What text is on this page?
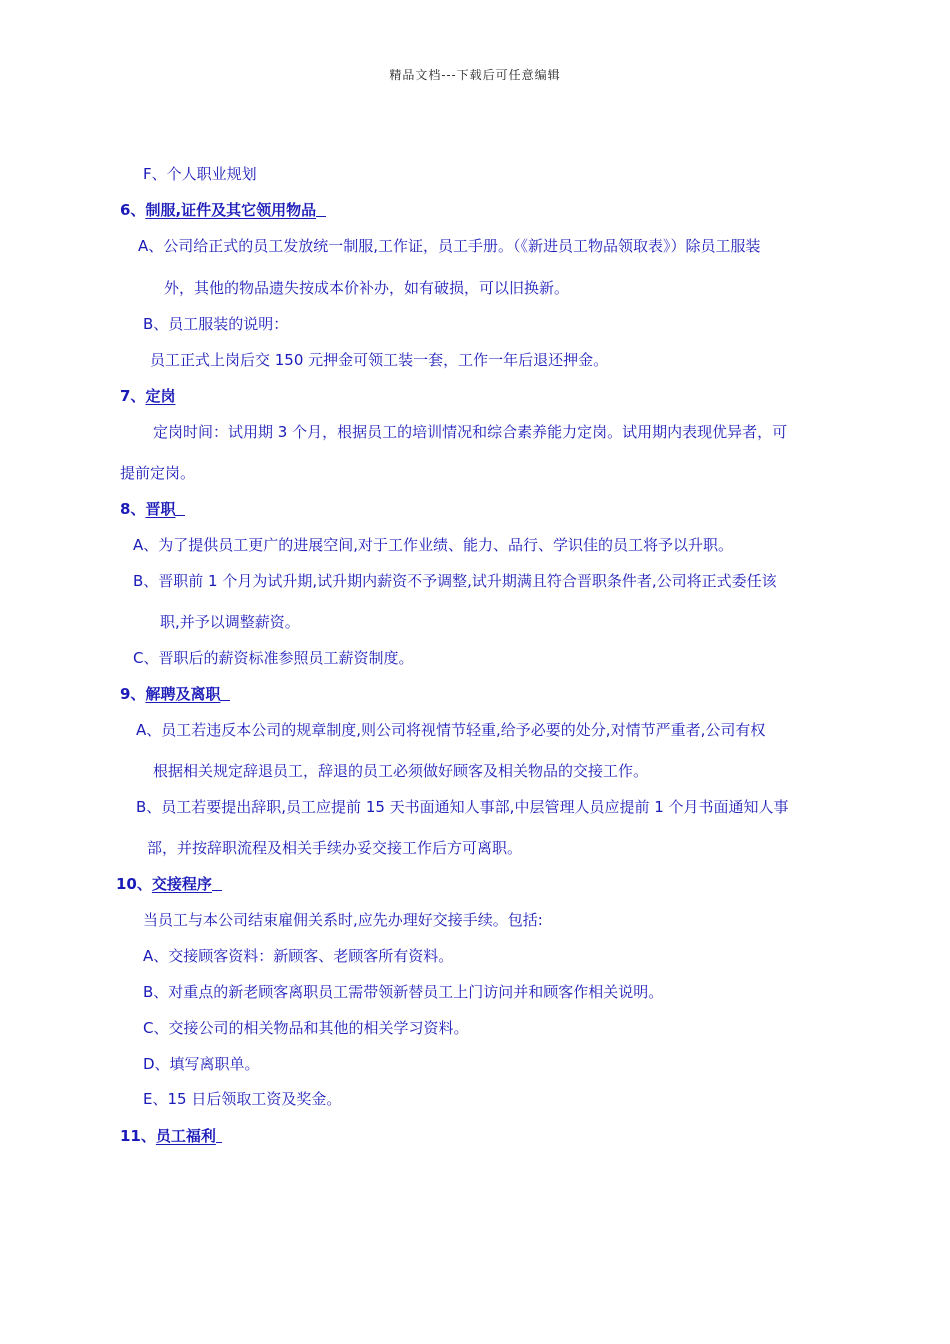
精品文档---下载后可任意编辑
F、个人职业规划
6、制服,证件及其它领用物品
A、公司给正式的员工发放统一制服,工作证，员工手册。（《新进员工物品领取表》）除员工服装
外，其他的物品遗失按成本价补办，如有破损，可以旧换新。
B、员工服装的说明：
员工正式上岗后交 150 元押金可领工装一套，工作一年后退还押金。
7、定岗
定岗时间：试用期 3 个月，根据员工的培训情况和综合素养能力定岗。试用期内表现优异者，可
提前定岗。
8、晋职
A、为了提供员工更广的进展空间,对于工作业绩、能力、品行、学识佳的员工将予以升职。
B、晋职前 1 个月为试升期,试升期内薪资不予调整,试升期满且符合晋职条件者,公司将正式委任该
职,并予以调整薪资。
C、晋职后的薪资标准参照员工薪资制度。
9、解聘及离职
A、员工若违反本公司的规章制度,则公司将视情节轻重,给予必要的处分,对情节严重者,公司有权
根据相关规定辞退员工，辞退的员工必须做好顾客及相关物品的交接工作。
B、员工若要提出辞职,员工应提前 15 天书面通知人事部,中层管理人员应提前 1 个月书面通知人事
部，并按辞职流程及相关手续办妥交接工作后方可离职。
10、交接程序
当员工与本公司结束雇佣关系时,应先办理好交接手续。包括:
A、交接顾客资料：新顾客、老顾客所有资料。
B、对重点的新老顾客离职员工需带领新替员工上门访问并和顾客作相关说明。
C、交接公司的相关物品和其他的相关学习资料。
D、填写离职单。
E、15 日后领取工资及奖金。
11、员工福利
